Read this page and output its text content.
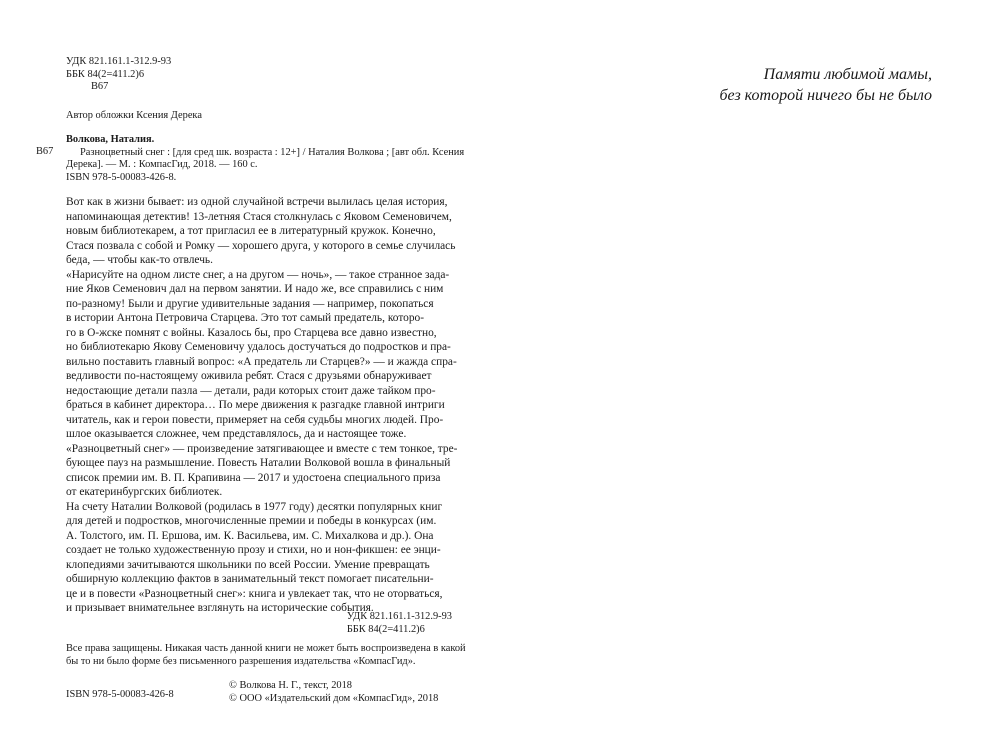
УДК 821.161.1-312.9-93
ББК 84(2=411.2)6
В67
Автор обложки Ксения Дерека
В67
Волкова, Наталия.
Разноцветный снег : [для сред шк. возраста : 12+] / Наталия Волкова ; [авт обл. Ксения
Дерека]. — М. : КомпасГид, 2018. — 160 с.
ISBN 978-5-00083-426-8.
Вот как в жизни бывает: из одной случайной встречи вылилась целая история,
напоминающая детектив! 13-летняя Стася столкнулась с Яковом Семеновичем,
новым библиотекарем, а тот пригласил ее в литературный кружок. Конечно,
Стася позвала с собой и Ромку — хорошего друга, у которого в семье случилась
беда, — чтобы как-то отвлечь.
«Нарисуйте на одном листе снег, а на другом — ночь», — такое странное зада-
ние Яков Семенович дал на первом занятии. И надо же, все справились с ним
по-разному! Были и другие удивительные задания — например, покопаться
в истории Антона Петровича Старцева. Это тот самый предатель, которо-
го в О-жске помнят с войны. Казалось бы, про Старцева все давно известно,
но библиотекарю Якову Семеновичу удалось достучаться до подростков и пра-
вильно поставить главный вопрос: «А предатель ли Старцев?» — и жажда спра-
ведливости по-настоящему оживила ребят. Стася с друзьями обнаруживает
недостающие детали пазла — детали, ради которых стоит даже тайком про-
браться в кабинет директора… По мере движения к разгадке главной интриги
читатель, как и герои повести, примеряет на себя судьбы многих людей. Про-
шлое оказывается сложнее, чем представлялось, да и настоящее тоже.
«Разноцветный снег» — произведение затягивающее и вместе с тем тонкое, тре-
бующее пауз на размышление. Повесть Наталии Волковой вошла в финальный
список премии им. В. П. Крапивина — 2017 и удостоена специального приза
от екатеринбургских библиотек.
На счету Наталии Волковой (родилась в 1977 году) десятки популярных книг
для детей и подростков, многочисленные премии и победы в конкурсах (им.
А. Толстого, им. П. Ершова, им. К. Васильева, им. С. Михалкова и др.). Она
создает не только художественную прозу и стихи, но и нон-фикшен: ее энци-
клопедиями зачитываются школьники по всей России. Умение превращать
обширную коллекцию фактов в занимательный текст помогает писательни-
це и в повести «Разноцветный снег»: книга и увлекает так, что не оторваться,
и призывает внимательнее взглянуть на исторические события.
УДК 821.161.1-312.9-93
ББК 84(2=411.2)6
Все права защищены. Никакая часть данной книги не может быть воспроизведена в какой
бы то ни было форме без письменного разрешения издательства «КомпасГид».
ISBN 978-5-00083-426-8
© Волкова Н. Г., текст, 2018
© ООО «Издательский дом «КомпасГид», 2018
Памяти любимой мамы,
без которой ничего бы не было
